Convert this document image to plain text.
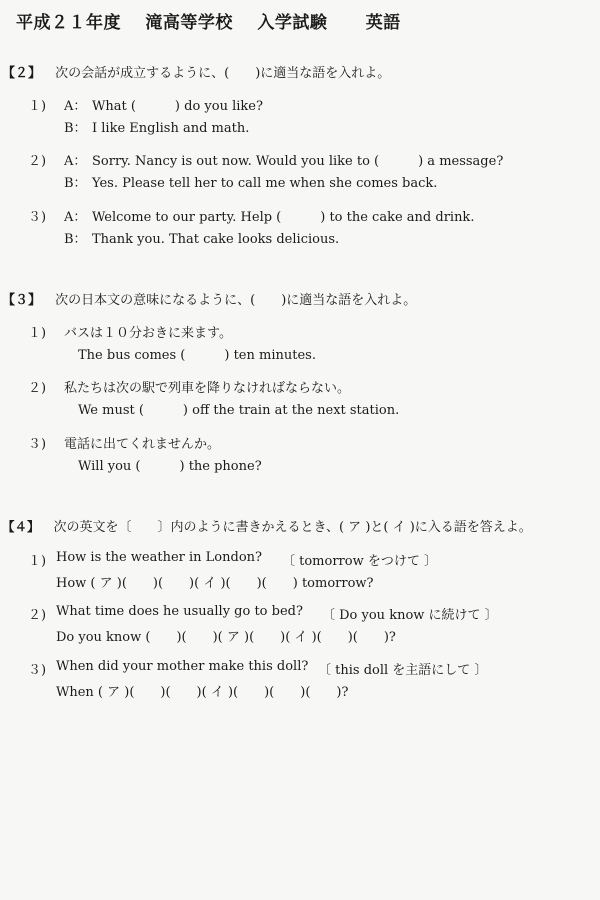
平成２１年度 滝高等学校 入学試験 英語
【２】 次の会話が成立するように、(　　)に適当な語を入れよ。
１) A： What (　　　) do you like?
B： I like English and math.
２) A： Sorry. Nancy is out now. Would you like to (　　　) a message?
B： Yes. Please tell her to call me when she comes back.
３) A： Welcome to our party. Help (　　　) to the cake and drink.
B： Thank you. That cake looks delicious.
【３】 次の日本文の意味になるように、(　　)に適当な語を入れよ。
１) バスは１０分おきに来ます。
The bus comes (　　　) ten minutes.
２) 私たちは次の駅で列車を降りなければならない。
We must (　　　) off the train at the next station.
３) 電話に出てくれませんか。
Will you (　　　) the phone?
【４】 次の英文を〔　　〕内のように書きかえるとき、( ア )と( イ )に入る語を答えよ。
１) How is the weather in London? 〔 tomorrow をつけて 〕
How ( ア )(　　)(　　)( イ )(　　)(　　) tomorrow?
２) What time does he usually go to bed? 〔 Do you know に続けて 〕
Do you know (　　)(　　)( ア )(　　)( イ )(　　)(　　)?
３) When did your mother make this doll? 〔 this doll を主語にして 〕
When ( ア )(　　)(　　)( イ )(　　)(　　)(　　)?
